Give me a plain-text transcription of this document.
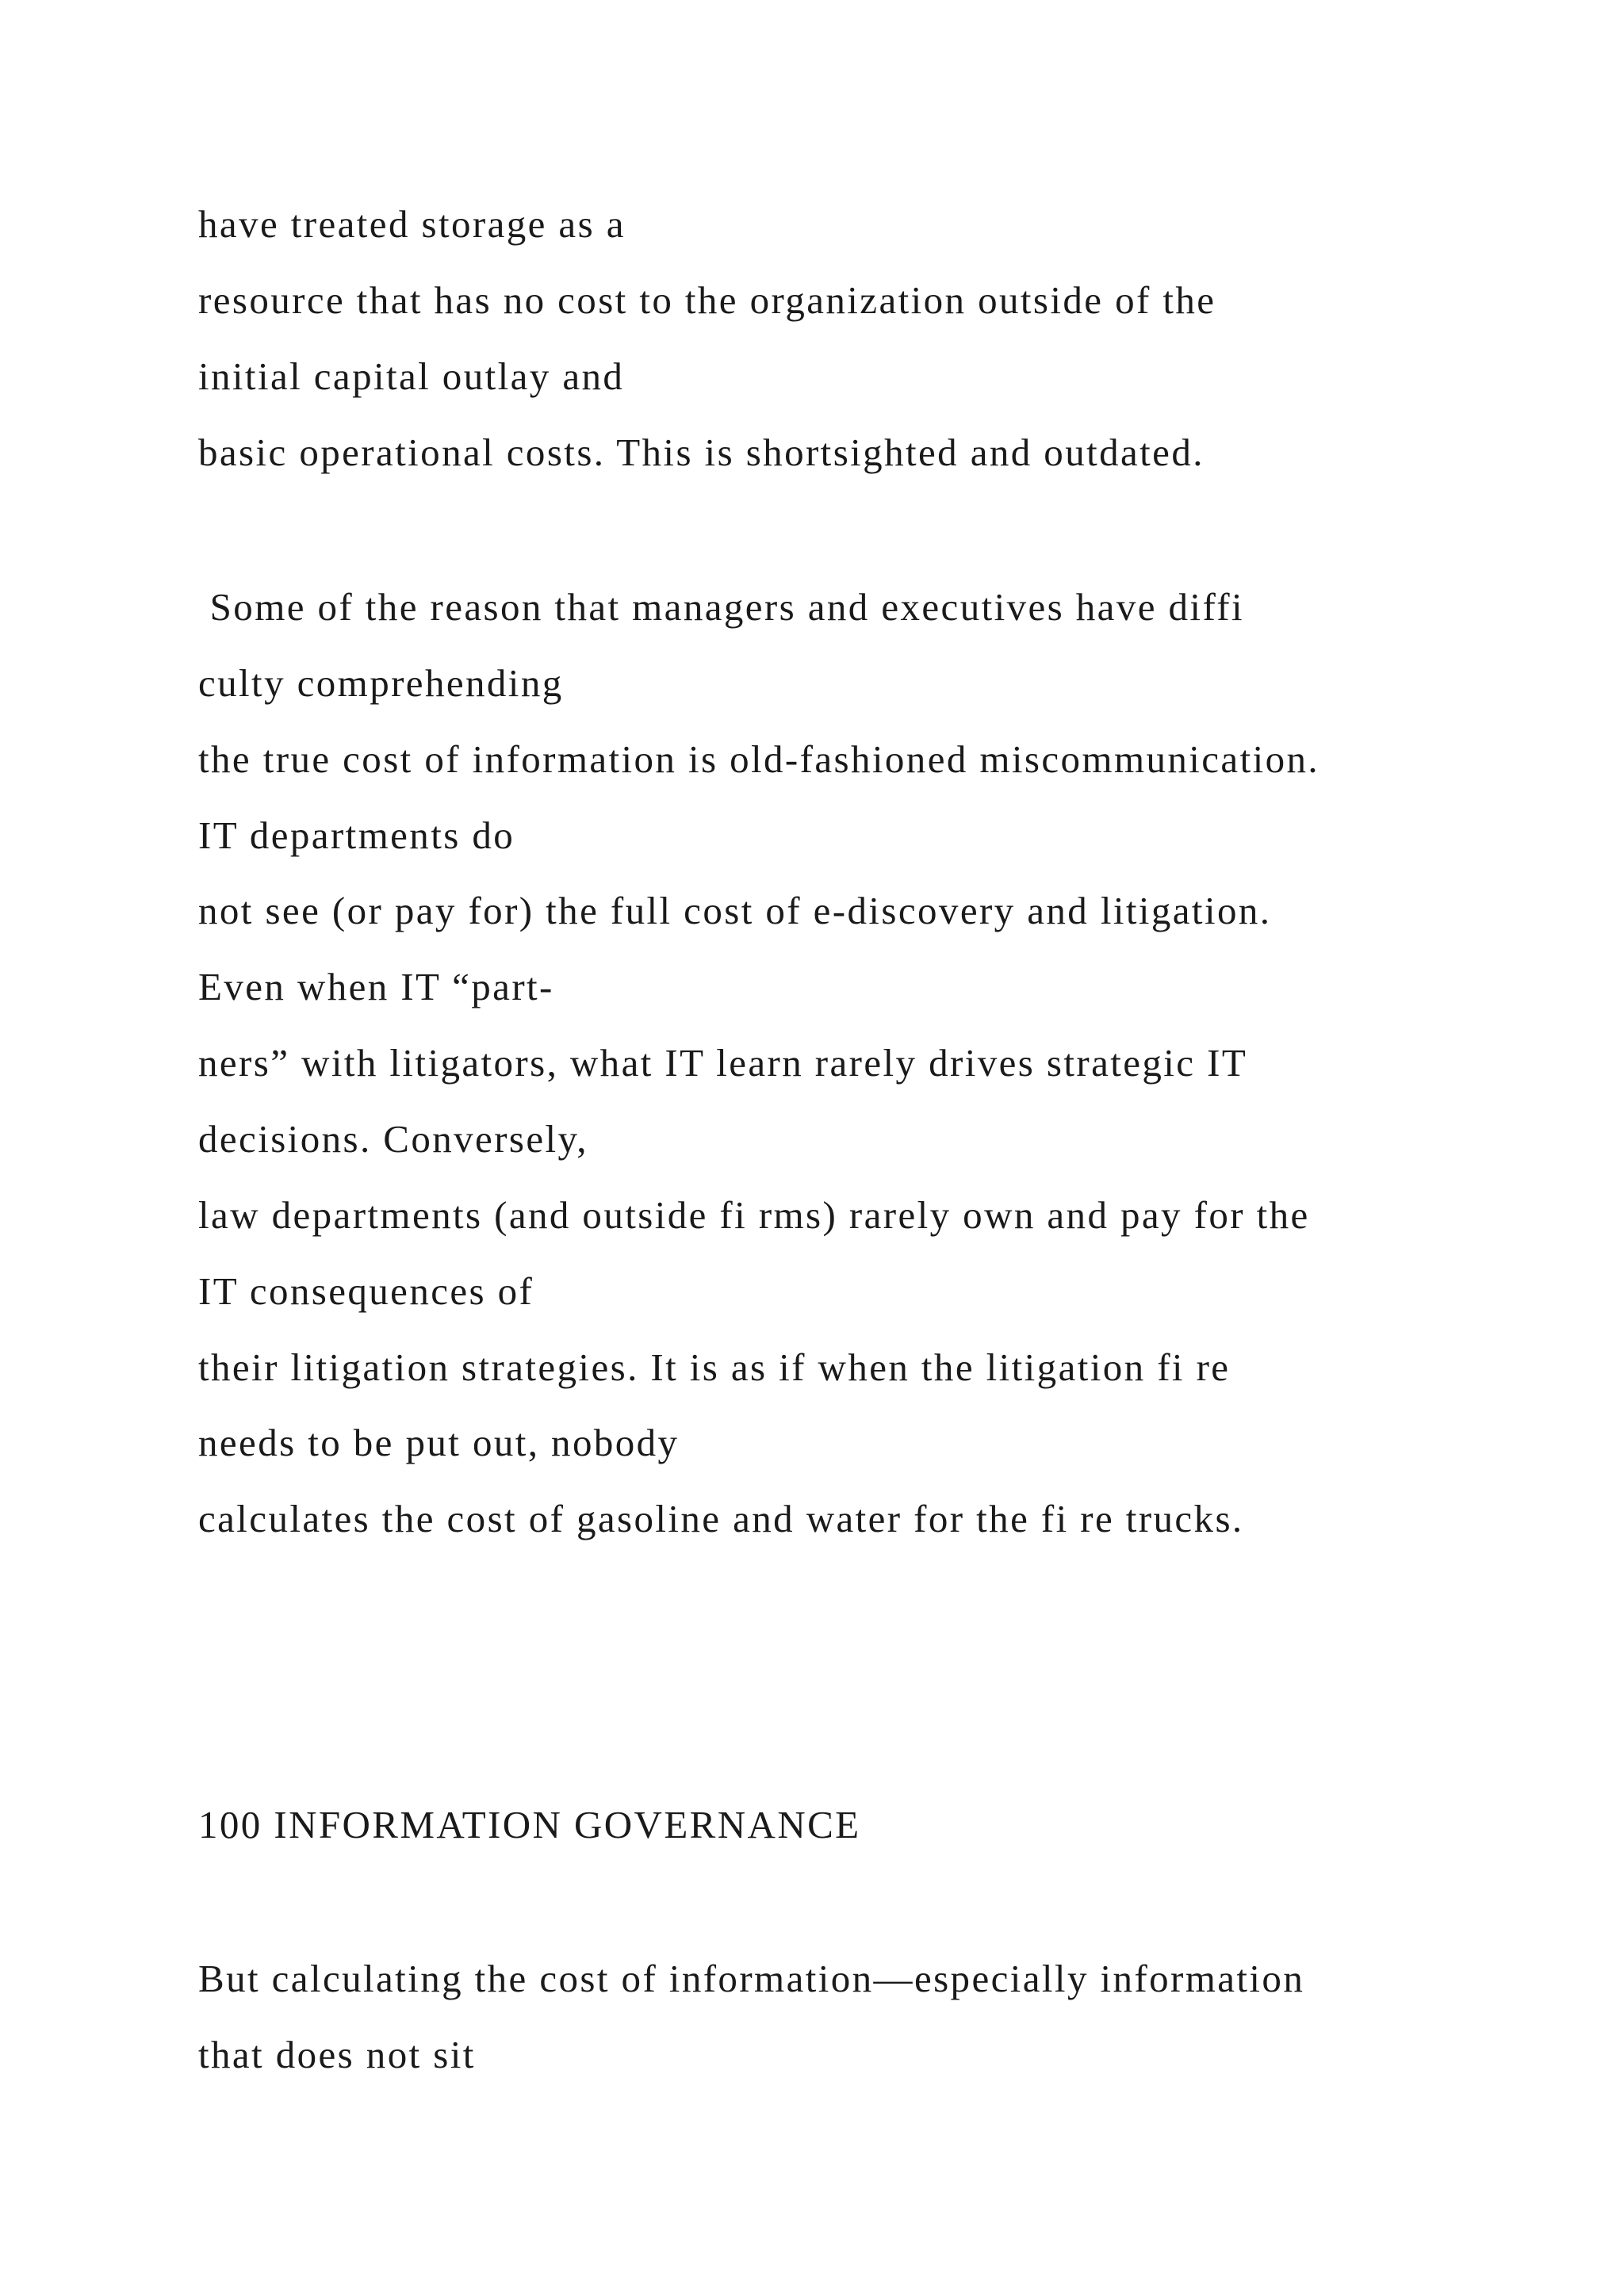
have treated storage as a
resource that has no cost to the organization outside of the
initial capital outlay and
basic operational costs. This is shortsighted and outdated.
Some of the reason that managers and executives have diffi
culty comprehending
the true cost of information is old-fashioned miscommunication.
IT departments do
not see (or pay for) the full cost of e-discovery and litigation.
Even when IT “part-
ners” with litigators, what IT learn rarely drives strategic IT
decisions. Conversely,
law departments (and outside fi rms) rarely own and pay for the
IT consequences of
their litigation strategies. It is as if when the litigation fi re
needs to be put out, nobody
calculates the cost of gasoline and water for the fi re trucks.
100 INFORMATION GOVERNANCE
But calculating the cost of information—especially information
that does not sit
